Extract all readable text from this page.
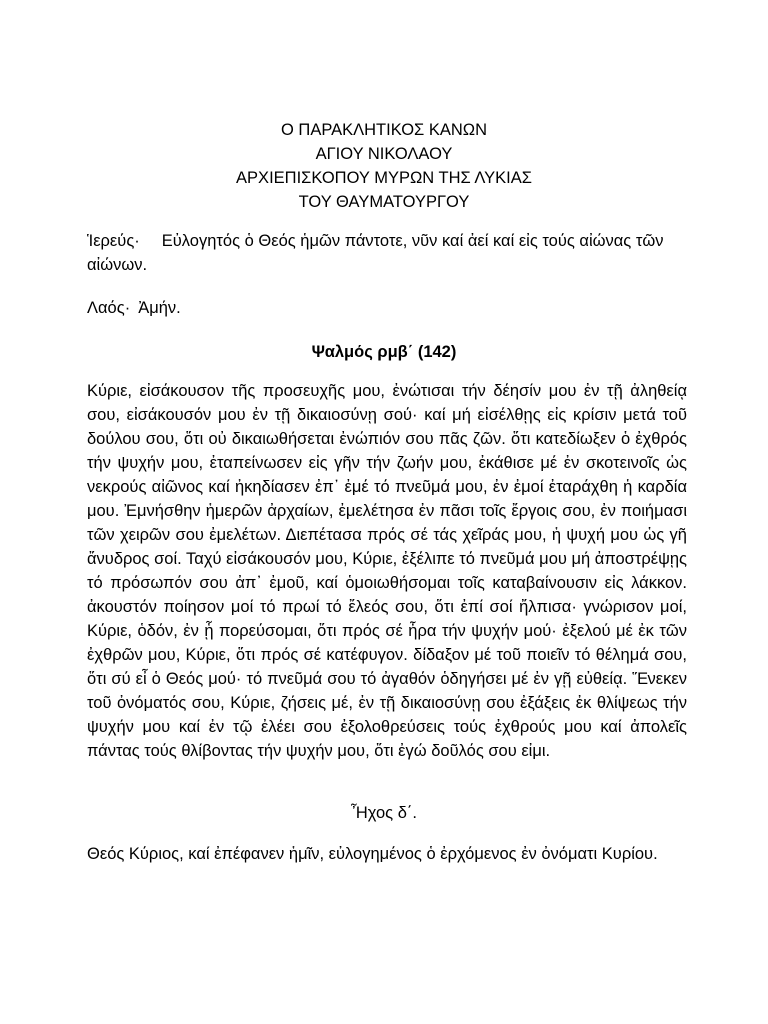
Ο ΠΑΡΑΚΛΗΤΙΚΟΣ ΚΑΝΩΝ
ΑΓΙΟΥ ΝΙΚΟΛΑΟΥ
ΑΡΧΙΕΠΙΣΚΟΠΟΥ ΜΥΡΩΝ ΤΗΣ ΛΥΚΙΑΣ
ΤΟΥ ΘΑΥΜΑΤΟΥΡΓΟΥ
Ἱερεύς· Εὐλογητός ὁ Θεός ἡμῶν πάντοτε, νῦν καί ἀεί καί εἰς τούς αἰώνας τῶν αἰώνων.
Λαός· Ἀμήν.
Ψαλμός ρμβ΄ (142)
Κύριε, εἰσάκουσον τῆς προσευχῆς μου, ἐνώτισαι τήν δέησίν μου ἐν τῇ ἀληθείᾳ σου, εἰσάκουσόν μου ἐν τῇ δικαιοσύνῃ σού· καί μή εἰσέλθῃς εἰς κρίσιν μετά τοῦ δούλου σου, ὅτι οὐ δικαιωθήσεται ἐνώπιόν σου πᾶς ζῶν. ὅτι κατεδίωξεν ὁ ἐχθρός τήν ψυχήν μου, ἐταπείνωσεν εἰς γῆν τήν ζωήν μου, ἐκάθισε μέ ἐν σκοτεινοῖς ὡς νεκρούς αἰῶνος καί ἠκηδίασεν ἐπ᾿ ἐμέ τό πνεῦμά μου, ἐν ἐμοί ἐταράχθη ἡ καρδία μου. Ἐμνήσθην ἡμερῶν ἀρχαίων, ἐμελέτησα ἐν πᾶσι τοῖς ἔργοις σου, ἐν ποιήμασι τῶν χειρῶν σου ἐμελέτων. Διεπέτασα πρός σέ τάς χεῖράς μου, ἡ ψυχή μου ὡς γῆ ἄνυδρος σοί. Ταχύ εἰσάκουσόν μου, Κύριε, ἐξέλιπε τό πνεῦμά μου μή ἀποστρέψῃς τό πρόσωπόν σου ἀπ᾿ ἐμοῦ, καί ὁμοιωθήσομαι τοῖς καταβαίνουσιν εἰς λάκκον. ἀκουστόν ποίησον μοί τό πρωί τό ἔλεός σου, ὅτι ἐπί σοί ἤλπισα· γνώρισον μοί, Κύριε, ὁδόν, ἐν ᾗ πορεύσομαι, ὅτι πρός σέ ἦρα τήν ψυχήν μού· ἐξελού μέ ἐκ τῶν ἐχθρῶν μου, Κύριε, ὅτι πρός σέ κατέφυγον. δίδαξον μέ τοῦ ποιεῖν τό θέλημά σου, ὅτι σύ εἶ ὁ Θεός μού· τό πνεῦμά σου τό ἀγαθόν ὁδηγήσει μέ ἐν γῇ εὐθείᾳ. Ἕνεκεν τοῦ ὀνόματός σου, Κύριε, ζήσεις μέ, ἐν τῇ δικαιοσύνῃ σου ἐξάξεις ἐκ θλίψεως τήν ψυχήν μου καί ἐν τῷ ἐλέει σου ἐξολοθρεύσεις τούς ἐχθρούς μου καί ἀπολεῖς πάντας τούς θλίβοντας τήν ψυχήν μου, ὅτι ἐγώ δοῦλός σου εἰμι.
Ἦχος δ΄.
Θεός Κύριος, καί ἐπέφανεν ἡμῖν, εὐλογημένος ὁ ἐρχόμενος ἐν ὀνόματι Κυρίου.
